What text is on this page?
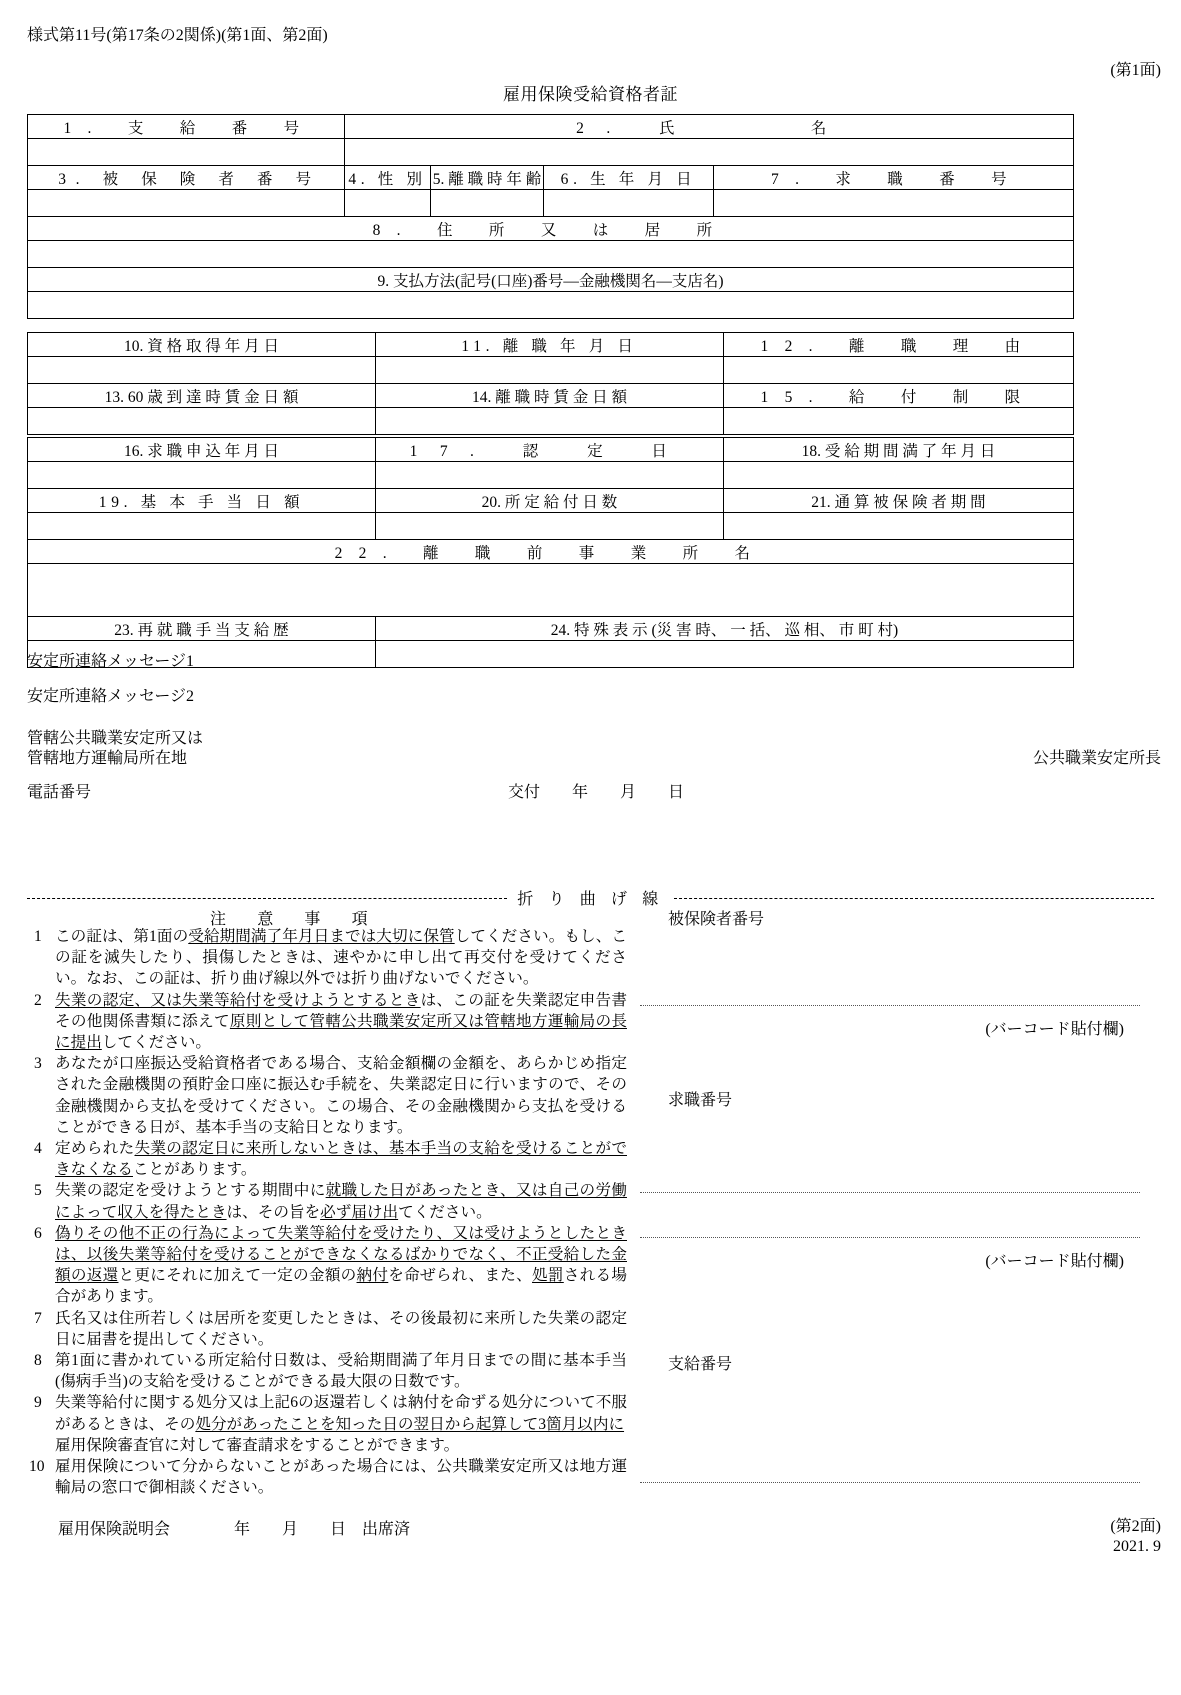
様式第11号(第17条の2関係)(第1面、第2面)
(第1面)
雇用保険受給資格者証
1. 支 給 番 号	2. 氏　　　名			

3. 被 保 険 者 番 号	4. 性 別	5. 離 職 時 年 齢	6. 生 年 月 日	7. 求 職 番 号

8. 住 所 又 は 居 所				

9. 支払方法(記号(口座)番号―金融機関名―支店名)				

10. 資 格 取 得 年 月 日	11. 離 職 年 月 日	12. 離 職 理 由

13. 60 歳 到 達 時 賃 金 日 額	14. 離 職 時 賃 金 日 額	15. 給 付 制 限

16. 求 職 申 込 年 月 日	17. 認 定 日	18. 受 給 期 間 満 了 年 月 日

19. 基 本 手 当 日 額	20. 所 定 給 付 日 数	21. 通 算 被 保 険 者 期 間

22. 離 職 前 事 業 所 名		

23. 再 就 職 手 当 支 給 歴	24. 特 殊 表 示 (災 害 時、 一 括、 巡 相、 市 町 村)	

安定所連絡メッセージ1
安定所連絡メッセージ2
管轄公共職業安定所又は
管轄地方運輸局所在地	公共職業安定所長
電話番号	交付　　年　　月　　日
折 り 曲 げ 線
注 意 事 項
1 この証は、第1面の受給期間満了年月日までは大切に保管してください。もし、この証を滅失したり、損傷したときは、速やかに申し出て再交付を受けてください。なお、この証は、折り曲げ線以外では折り曲げないでください。
2 失業の認定、又は失業等給付を受けようとするときは、この証を失業認定申告書その他関係書類に添えて原則として管轄公共職業安定所又は管轄地方運輸局の長に提出してください。
3 あなたが口座振込受給資格者である場合、支給金額欄の金額を、あらかじめ指定された金融機関の預貯金口座に振込む手続を、失業認定日に行いますので、その金融機関から支払を受けてください。この場合、その金融機関から支払を受けることができる日が、基本手当の支給日となります。
4 定められた失業の認定日に来所しないときは、基本手当の支給を受けることができなくなることがあります。
5 失業の認定を受けようとする期間中に就職した日があったとき、又は自己の労働によって収入を得たときは、その旨を必ず届け出てください。
6 偽りその他不正の行為によって失業等給付を受けたり、又は受けようとしたときは、以後失業等給付を受けることができなくなるばかりでなく、不正受給した金額の返還と更にそれに加えて一定の金額の納付を命ぜられ、また、処罰される場合があります。
7 氏名又は住所若しくは居所を変更したときは、その後最初に来所した失業の認定日に届書を提出してください。
8 第1面に書かれている所定給付日数は、受給期間満了年月日までの間に基本手当(傷病手当)の支給を受けることができる最大限の日数です。
9 失業等給付に関する処分又は上記6の返還若しくは納付を命ずる処分について不服があるときは、その処分があったことを知った日の翌日から起算して3箇月以内に　　　　雇用保険審査官に対して審査請求をすることができます。
10 雇用保険について分からないことがあった場合には、公共職業安定所又は地方運輸局の窓口で御相談ください。
雇用保険説明会　　　　年　　月　　日　出席済
被保険者番号
(バーコード貼付欄)
求職番号
(バーコード貼付欄)
支給番号
(第2面)
2021. 9
